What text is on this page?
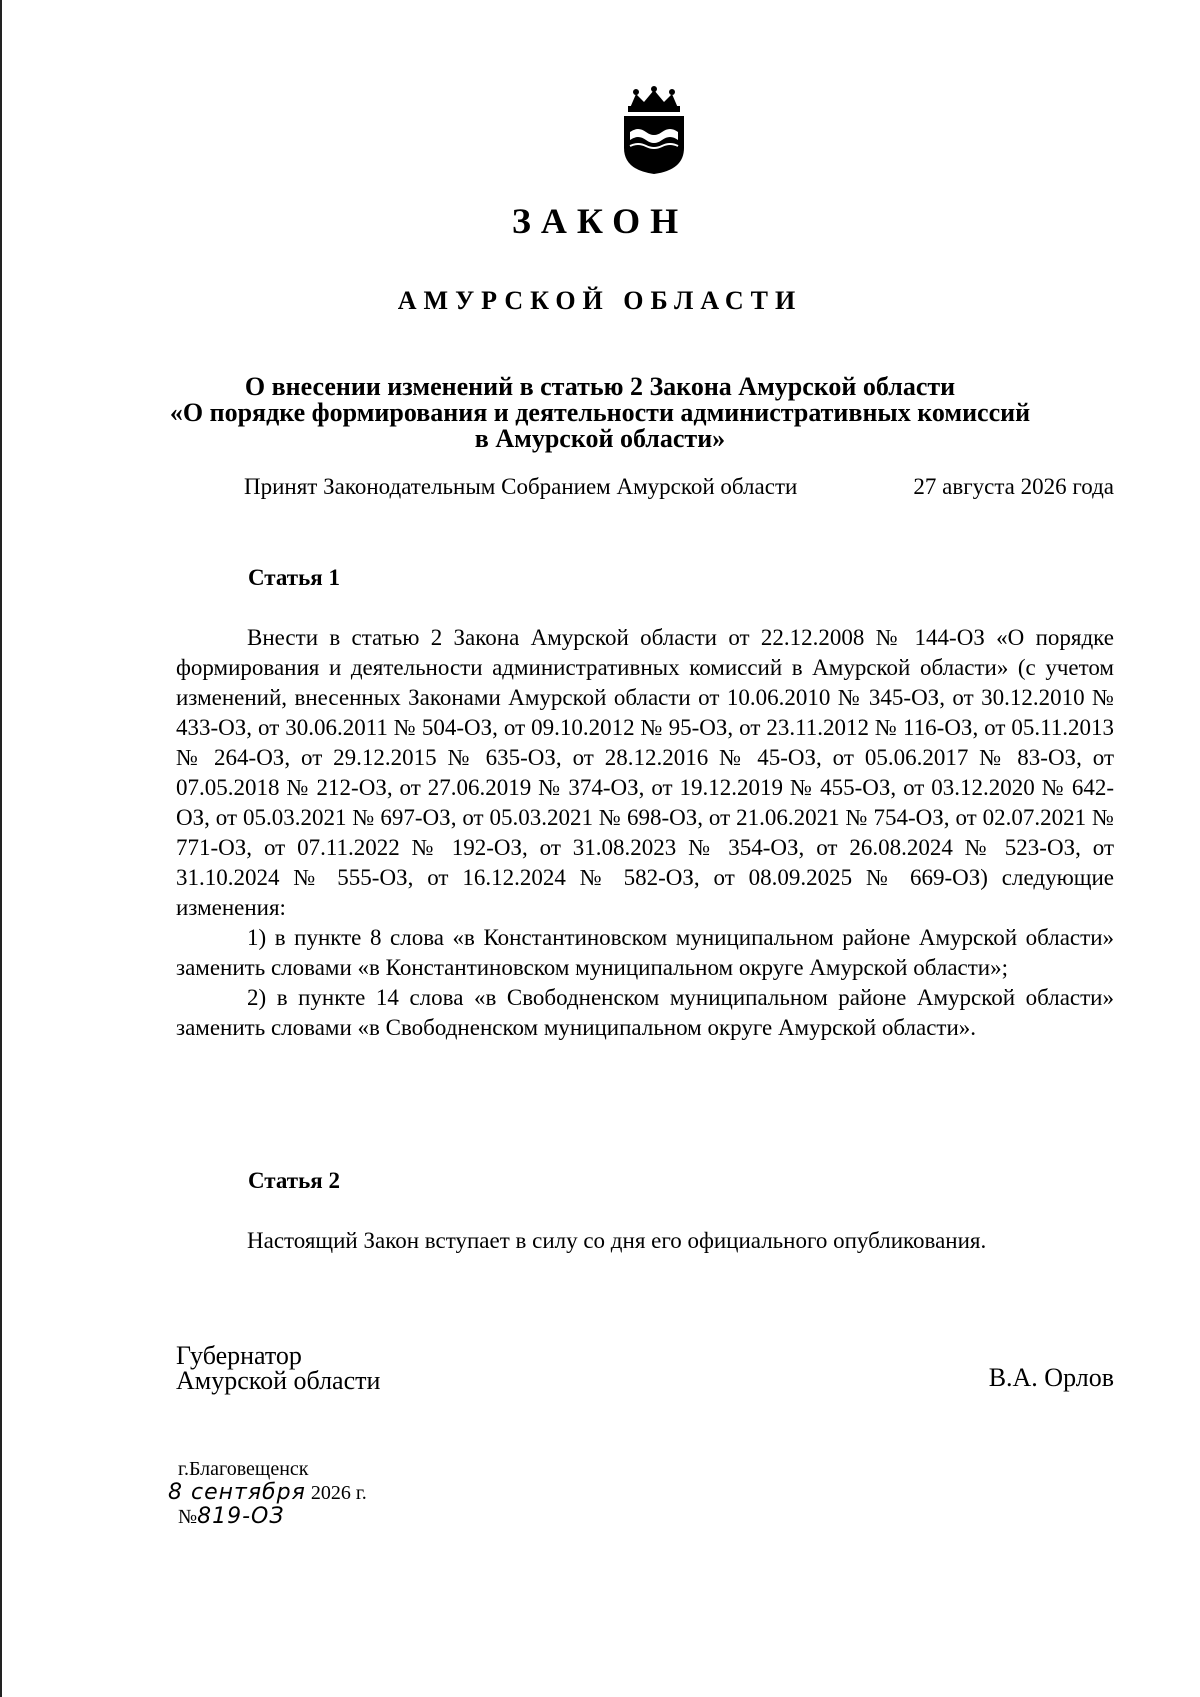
ЗАКОН
АМУРСКОЙ ОБЛАСТИ
О внесении изменений в статью 2 Закона Амурской области
«О порядке формирования и деятельности административных комиссий
в Амурской области»
Принят Законодательным Собранием Амурской области	27 августа 2026 года
Статья 1

Внести в статью 2 Закона Амурской области от 22.12.2008 № 144-ОЗ «О порядке формирования и деятельности административных комиссий в Амурской области» (с учетом изменений, внесенных Законами Амурской области от 10.06.2010 № 345-ОЗ, от 30.12.2010 № 433-ОЗ, от 30.06.2011 № 504-ОЗ, от 09.10.2012 № 95-ОЗ, от 23.11.2012 № 116-ОЗ, от 05.11.2013 № 264-ОЗ, от 29.12.2015 № 635-ОЗ, от 28.12.2016 № 45-ОЗ, от 05.06.2017 № 83-ОЗ, от 07.05.2018 № 212-ОЗ, от 27.06.2019 № 374-ОЗ, от 19.12.2019 № 455-ОЗ, от 03.12.2020 № 642-ОЗ, от 05.03.2021 № 697-ОЗ, от 05.03.2021 № 698-ОЗ, от 21.06.2021 № 754-ОЗ, от 02.07.2021 № 771-ОЗ, от 07.11.2022 № 192-ОЗ, от 31.08.2023 № 354-ОЗ, от 26.08.2024 № 523-ОЗ, от 31.10.2024 № 555-ОЗ, от 16.12.2024 № 582-ОЗ, от 08.09.2025 № 669-ОЗ) следующие изменения:

1) в пункте 8 слова «в Константиновском муниципальном районе Амурской области» заменить словами «в Константиновском муниципальном округе Амурской области»;

2) в пункте 14 слова «в Свободненском муниципальном районе Амурской области» заменить словами «в Свободненском муниципальном округе Амурской области».

Статья 2

Настоящий Закон вступает в силу со дня его официального опубликования.

Губернатор
Амурской области	В.А. Орлов
г.Благовещенск
8 сентября 2026 г.
№819-ОЗ
